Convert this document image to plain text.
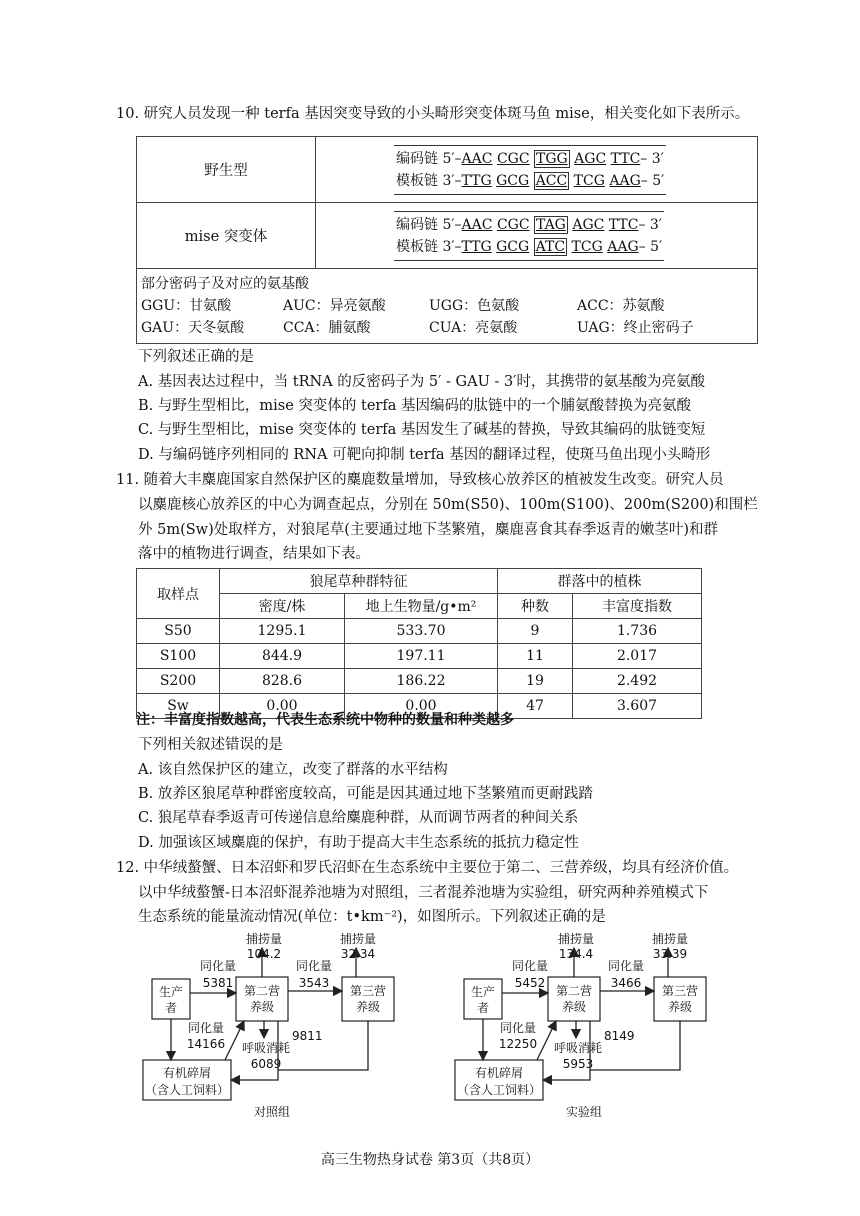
10. 研究人员发现一种 terfa 基因突变导致的小头畸形突变体斑马鱼 mise，相关变化如下表所示。
野生型	编码链 5′–AAC CGC TGG AGC TTC– 3′
模板链 3′–TTG GCG ACC TCG AAG– 5′

mise 突变体	编码链 5′–AAC CGC TAG AGC TTC– 3′
模板链 3′–TTG GCG ATC TCG AAG– 5′

部分密码子及对应的氨基酸
GGU：甘氨酸 AUC：异亮氨酸 UGG：色氨酸 ACC：苏氨酸
GAU：天冬氨酸 CCA：脯氨酸 CUA：亮氨酸 UAG：终止密码子	
下列叙述正确的是
A. 基因表达过程中，当 tRNA 的反密码子为 5′ - GAU - 3′时，其携带的氨基酸为亮氨酸
B. 与野生型相比，mise 突变体的 terfa 基因编码的肽链中的一个脯氨酸替换为亮氨酸
C. 与野生型相比，mise 突变体的 terfa 基因发生了碱基的替换，导致其编码的肽链变短
D. 与编码链序列相同的 RNA 可靶向抑制 terfa 基因的翻译过程，使斑马鱼出现小头畸形
11. 随着大丰麋鹿国家自然保护区的麋鹿数量增加，导致核心放养区的植被发生改变。研究人员
以麋鹿核心放养区的中心为调查起点，分别在 50m(S50)、100m(S100)、200m(S200)和围栏
外 5m(Sw)处取样方，对狼尾草(主要通过地下茎繁殖，麋鹿喜食其春季返青的嫩茎叶)和群
落中的植物进行调查，结果如下表。
取样点	狼尾草种群特征		群落中的植株	
	密度/株	地上生物量/g•m²	种数	丰富度指数
S50	1295.1	533.70	9	1.736
S100	844.9	197.11	11	2.017
S200	828.6	186.22	19	2.492
Sw	0.00	0.00	47	3.607
注：丰富度指数越高，代表生态系统中物种的数量和种类越多
下列相关叙述错误的是
A. 该自然保护区的建立，改变了群落的水平结构
B. 放养区狼尾草种群密度较高，可能是因其通过地下茎繁殖而更耐践踏
C. 狼尾草春季返青可传递信息给麋鹿种群，从而调节两者的种间关系
D. 加强该区域麋鹿的保护，有助于提高大丰生态系统的抵抗力稳定性
12. 中华绒螯蟹、日本沼虾和罗氏沼虾在生态系统中主要位于第二、三营养级，均具有经济价值。
以中华绒螯蟹-日本沼虾混养池塘为对照组，三者混养池塘为实验组，研究两种养殖模式下
生态系统的能量流动情况(单位：t•km⁻²)，如图所示。下列叙述正确的是
生产
者
第二营
养级
第三营
养级
有机碎屑
（含人工饲料）
同化量
5381
同化量
3543
捕捞量
104.2
捕捞量
32.34
同化量
14166 呼吸消耗
6089
9811
对照组
生产
者
第二营
养级
第三营
养级
有机碎屑
（含人工饲料）
同化量
5452
同化量
3466
捕捞量
134.4
捕捞量
33.39
同化量
12250 呼吸消耗
5953
8149
实验组
高三生物热身试卷 第3页（共8页）
